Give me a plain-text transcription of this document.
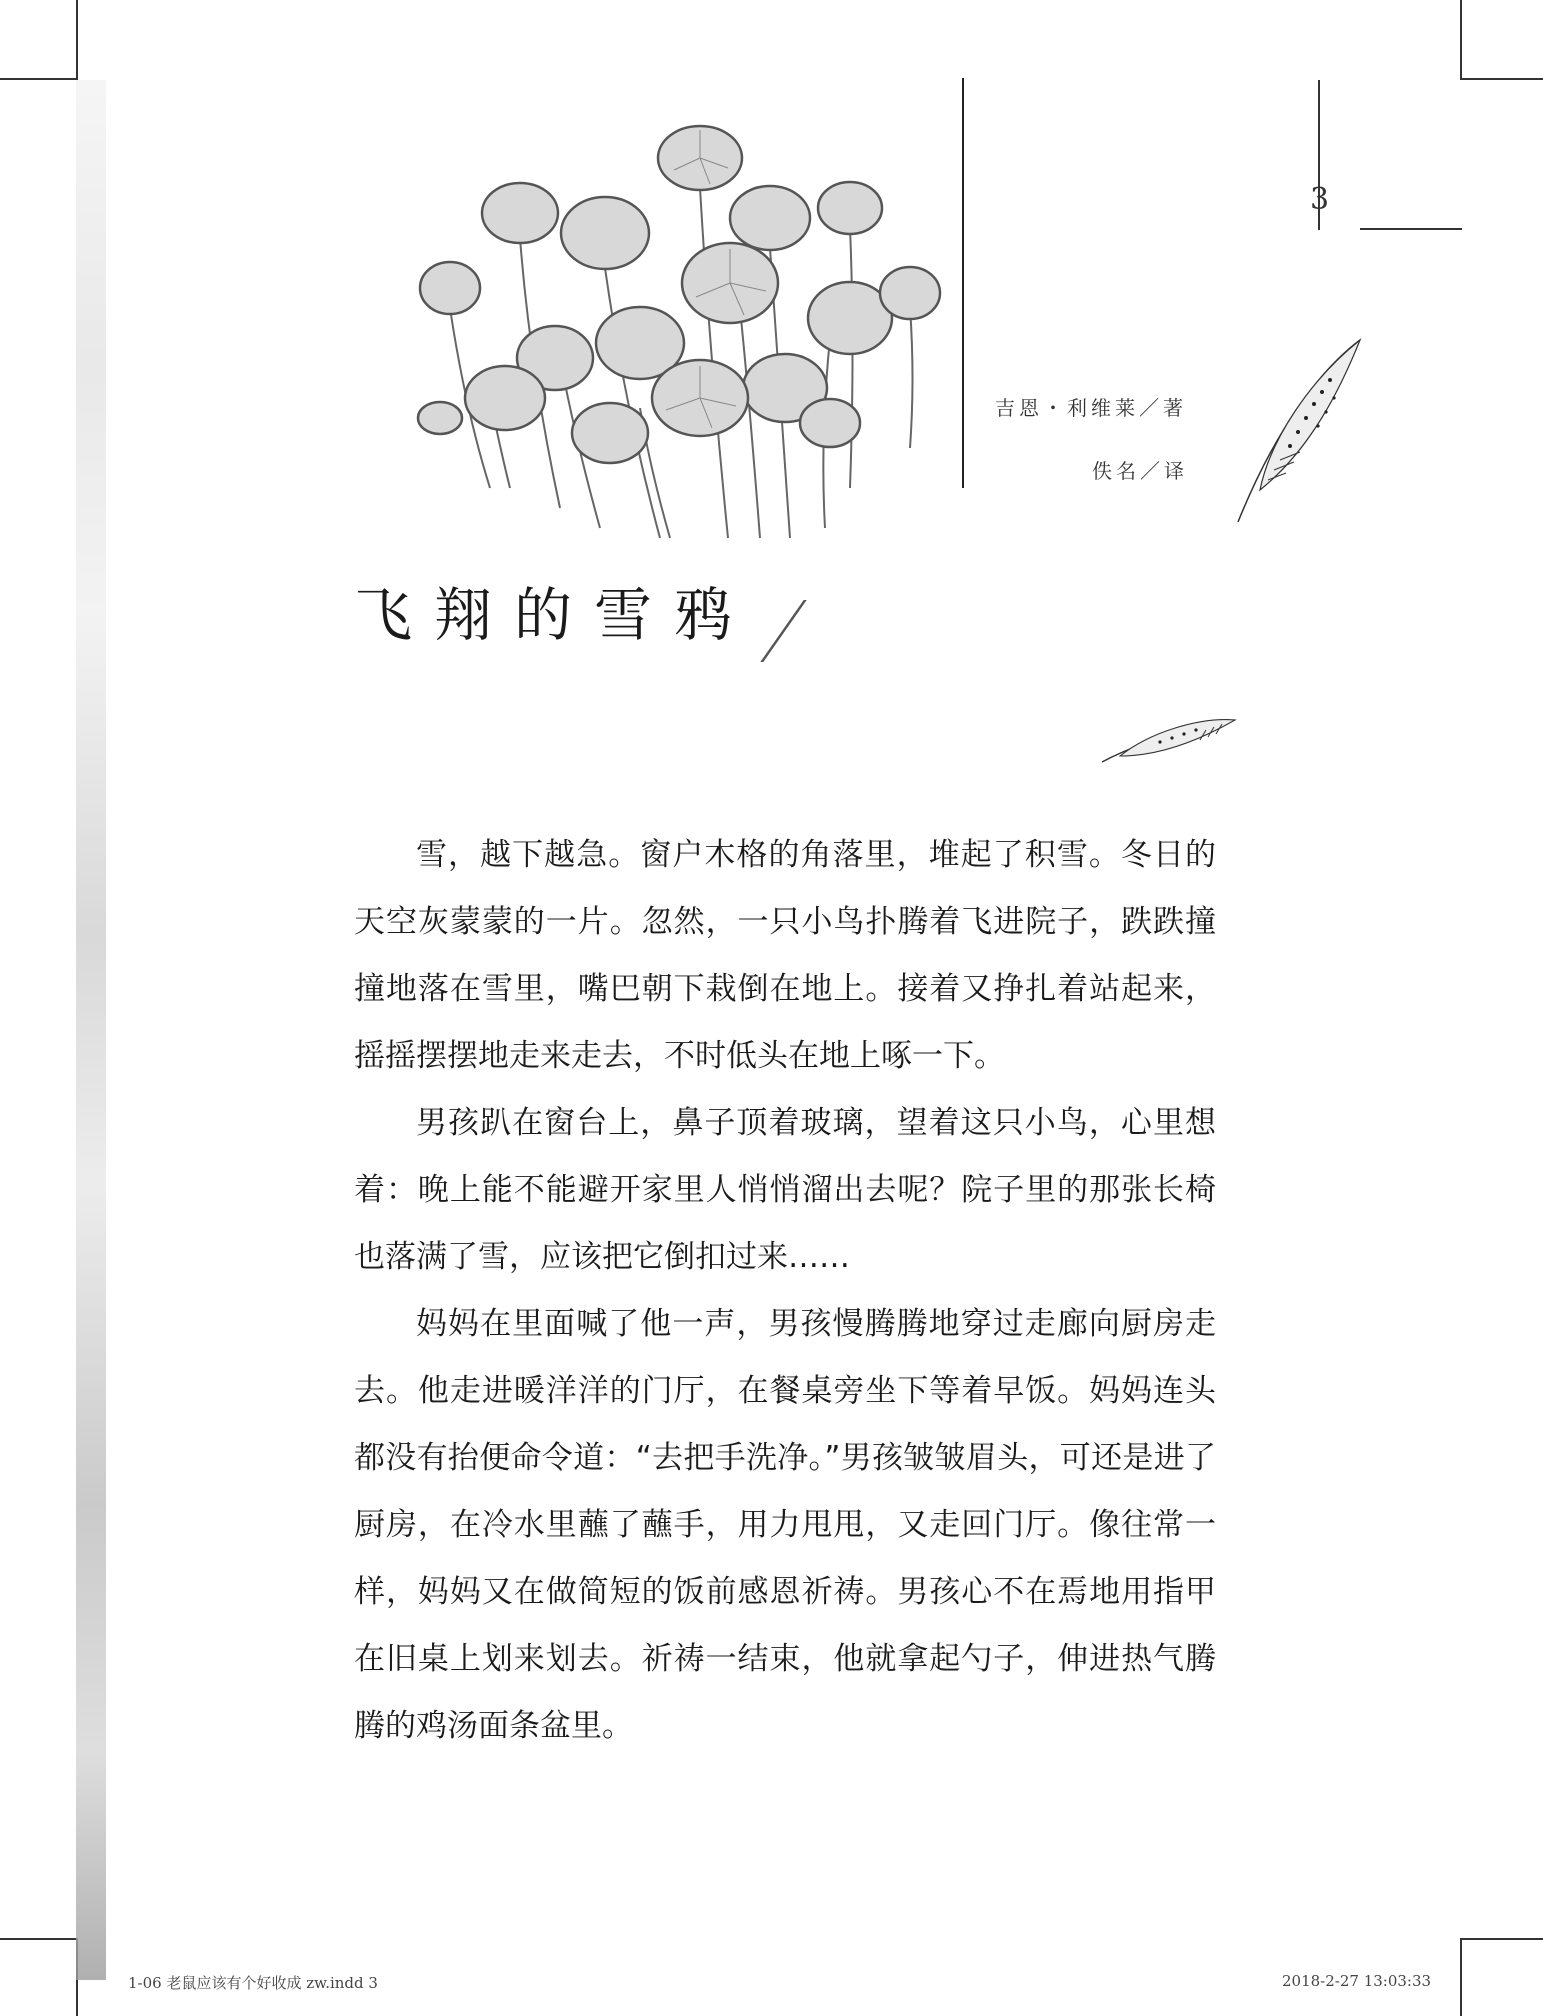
3
吉恩・利维莱／著
佚名／译
飞翔的雪鸦

雪，越下越急。窗户木格的角落里，堆起了积雪。冬日的天空灰蒙蒙的一片。忽然，一只小鸟扑腾着飞进院子，跌跌撞撞地落在雪里，嘴巴朝下栽倒在地上。接着又挣扎着站起来，摇摇摆摆地走来走去，不时低头在地上啄一下。

男孩趴在窗台上，鼻子顶着玻璃，望着这只小鸟，心里想着：晚上能不能避开家里人悄悄溜出去呢？院子里的那张长椅也落满了雪，应该把它倒扣过来……

妈妈在里面喊了他一声，男孩慢腾腾地穿过走廊向厨房走去。他走进暖洋洋的门厅，在餐桌旁坐下等着早饭。妈妈连头都没有抬便命令道：“去把手洗净。”男孩皱皱眉头，可还是进了厨房，在冷水里蘸了蘸手，用力甩甩，又走回门厅。像往常一样，妈妈又在做简短的饭前感恩祈祷。男孩心不在焉地用指甲在旧桌上划来划去。祈祷一结束，他就拿起勺子，伸进热气腾腾的鸡汤面条盆里。

1-06 老鼠应该有个好收成 zw.indd 3	2018-2-27 13:03:33
